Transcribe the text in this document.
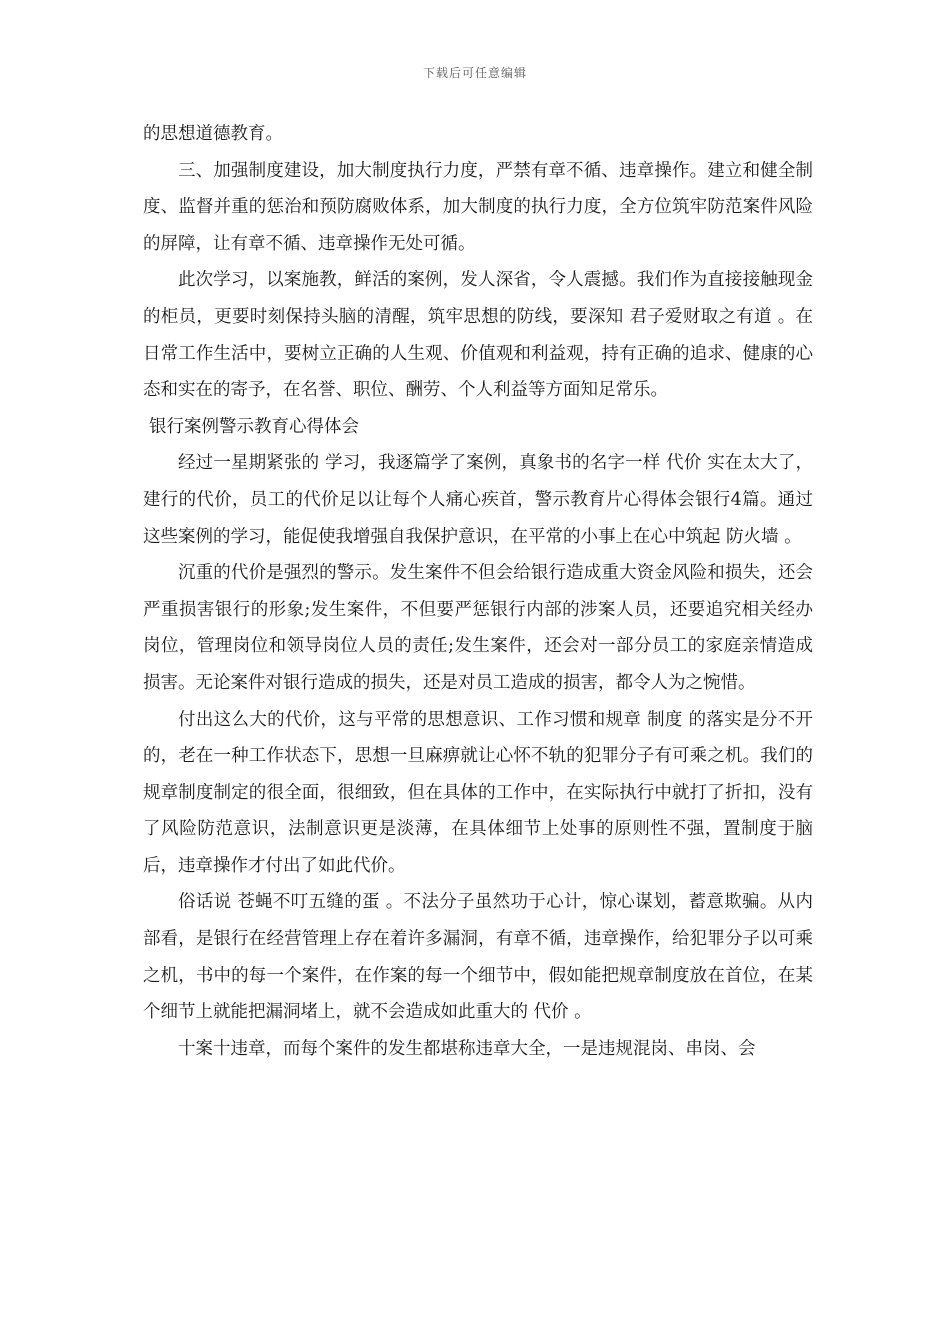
下载后可任意编辑

的思想道德教育。

三、加强制度建设，加大制度执行力度，严禁有章不循、违章操作。建立和健全制度、监督并重的惩治和预防腐败体系，加大制度的执行力度，全方位筑牢防范案件风险的屏障，让有章不循、违章操作无处可循。

此次学习，以案施教，鲜活的案例，发人深省，令人震撼。我们作为直接接触现金的柜员，更要时刻保持头脑的清醒，筑牢思想的防线，要深知 君子爱财取之有道 。在日常工作生活中，要树立正确的人生观、价值观和利益观，持有正确的追求、健康的心态和实在的寄予，在名誉、职位、酬劳、个人利益等方面知足常乐。

银行案例警示教育心得体会

经过一星期紧张的 学习，我逐篇学了案例，真象书的名字一样 代价 实在太大了，建行的代价，员工的代价足以让每个人痛心疾首，警示教育片心得体会银行4篇。通过这些案例的学习，能促使我增强自我保护意识，在平常的小事上在心中筑起 防火墙 。

沉重的代价是强烈的警示。发生案件不但会给银行造成重大资金风险和损失，还会严重损害银行的形象;发生案件，不但要严惩银行内部的涉案人员，还要追究相关经办岗位，管理岗位和领导岗位人员的责任;发生案件，还会对一部分员工的家庭亲情造成损害。无论案件对银行造成的损失，还是对员工造成的损害，都令人为之惋惜。

付出这么大的代价，这与平常的思想意识、工作习惯和规章 制度 的落实是分不开的，老在一种工作状态下，思想一旦麻痹就让心怀不轨的犯罪分子有可乘之机。我们的规章制度制定的很全面，很细致，但在具体的工作中，在实际执行中就打了折扣，没有了风险防范意识，法制意识更是淡薄，在具体细节上处事的原则性不强，置制度于脑后，违章操作才付出了如此代价。

俗话说 苍蝇不叮五缝的蛋 。不法分子虽然功于心计，惊心谋划，蓄意欺骗。从内部看，是银行在经营管理上存在着许多漏洞，有章不循，违章操作，给犯罪分子以可乘之机，书中的每一个案件，在作案的每一个细节中，假如能把规章制度放在首位，在某个细节上就能把漏洞堵上，就不会造成如此重大的 代价 。

十案十违章，而每个案件的发生都堪称违章大全，一是违规混岗、串岗、会
